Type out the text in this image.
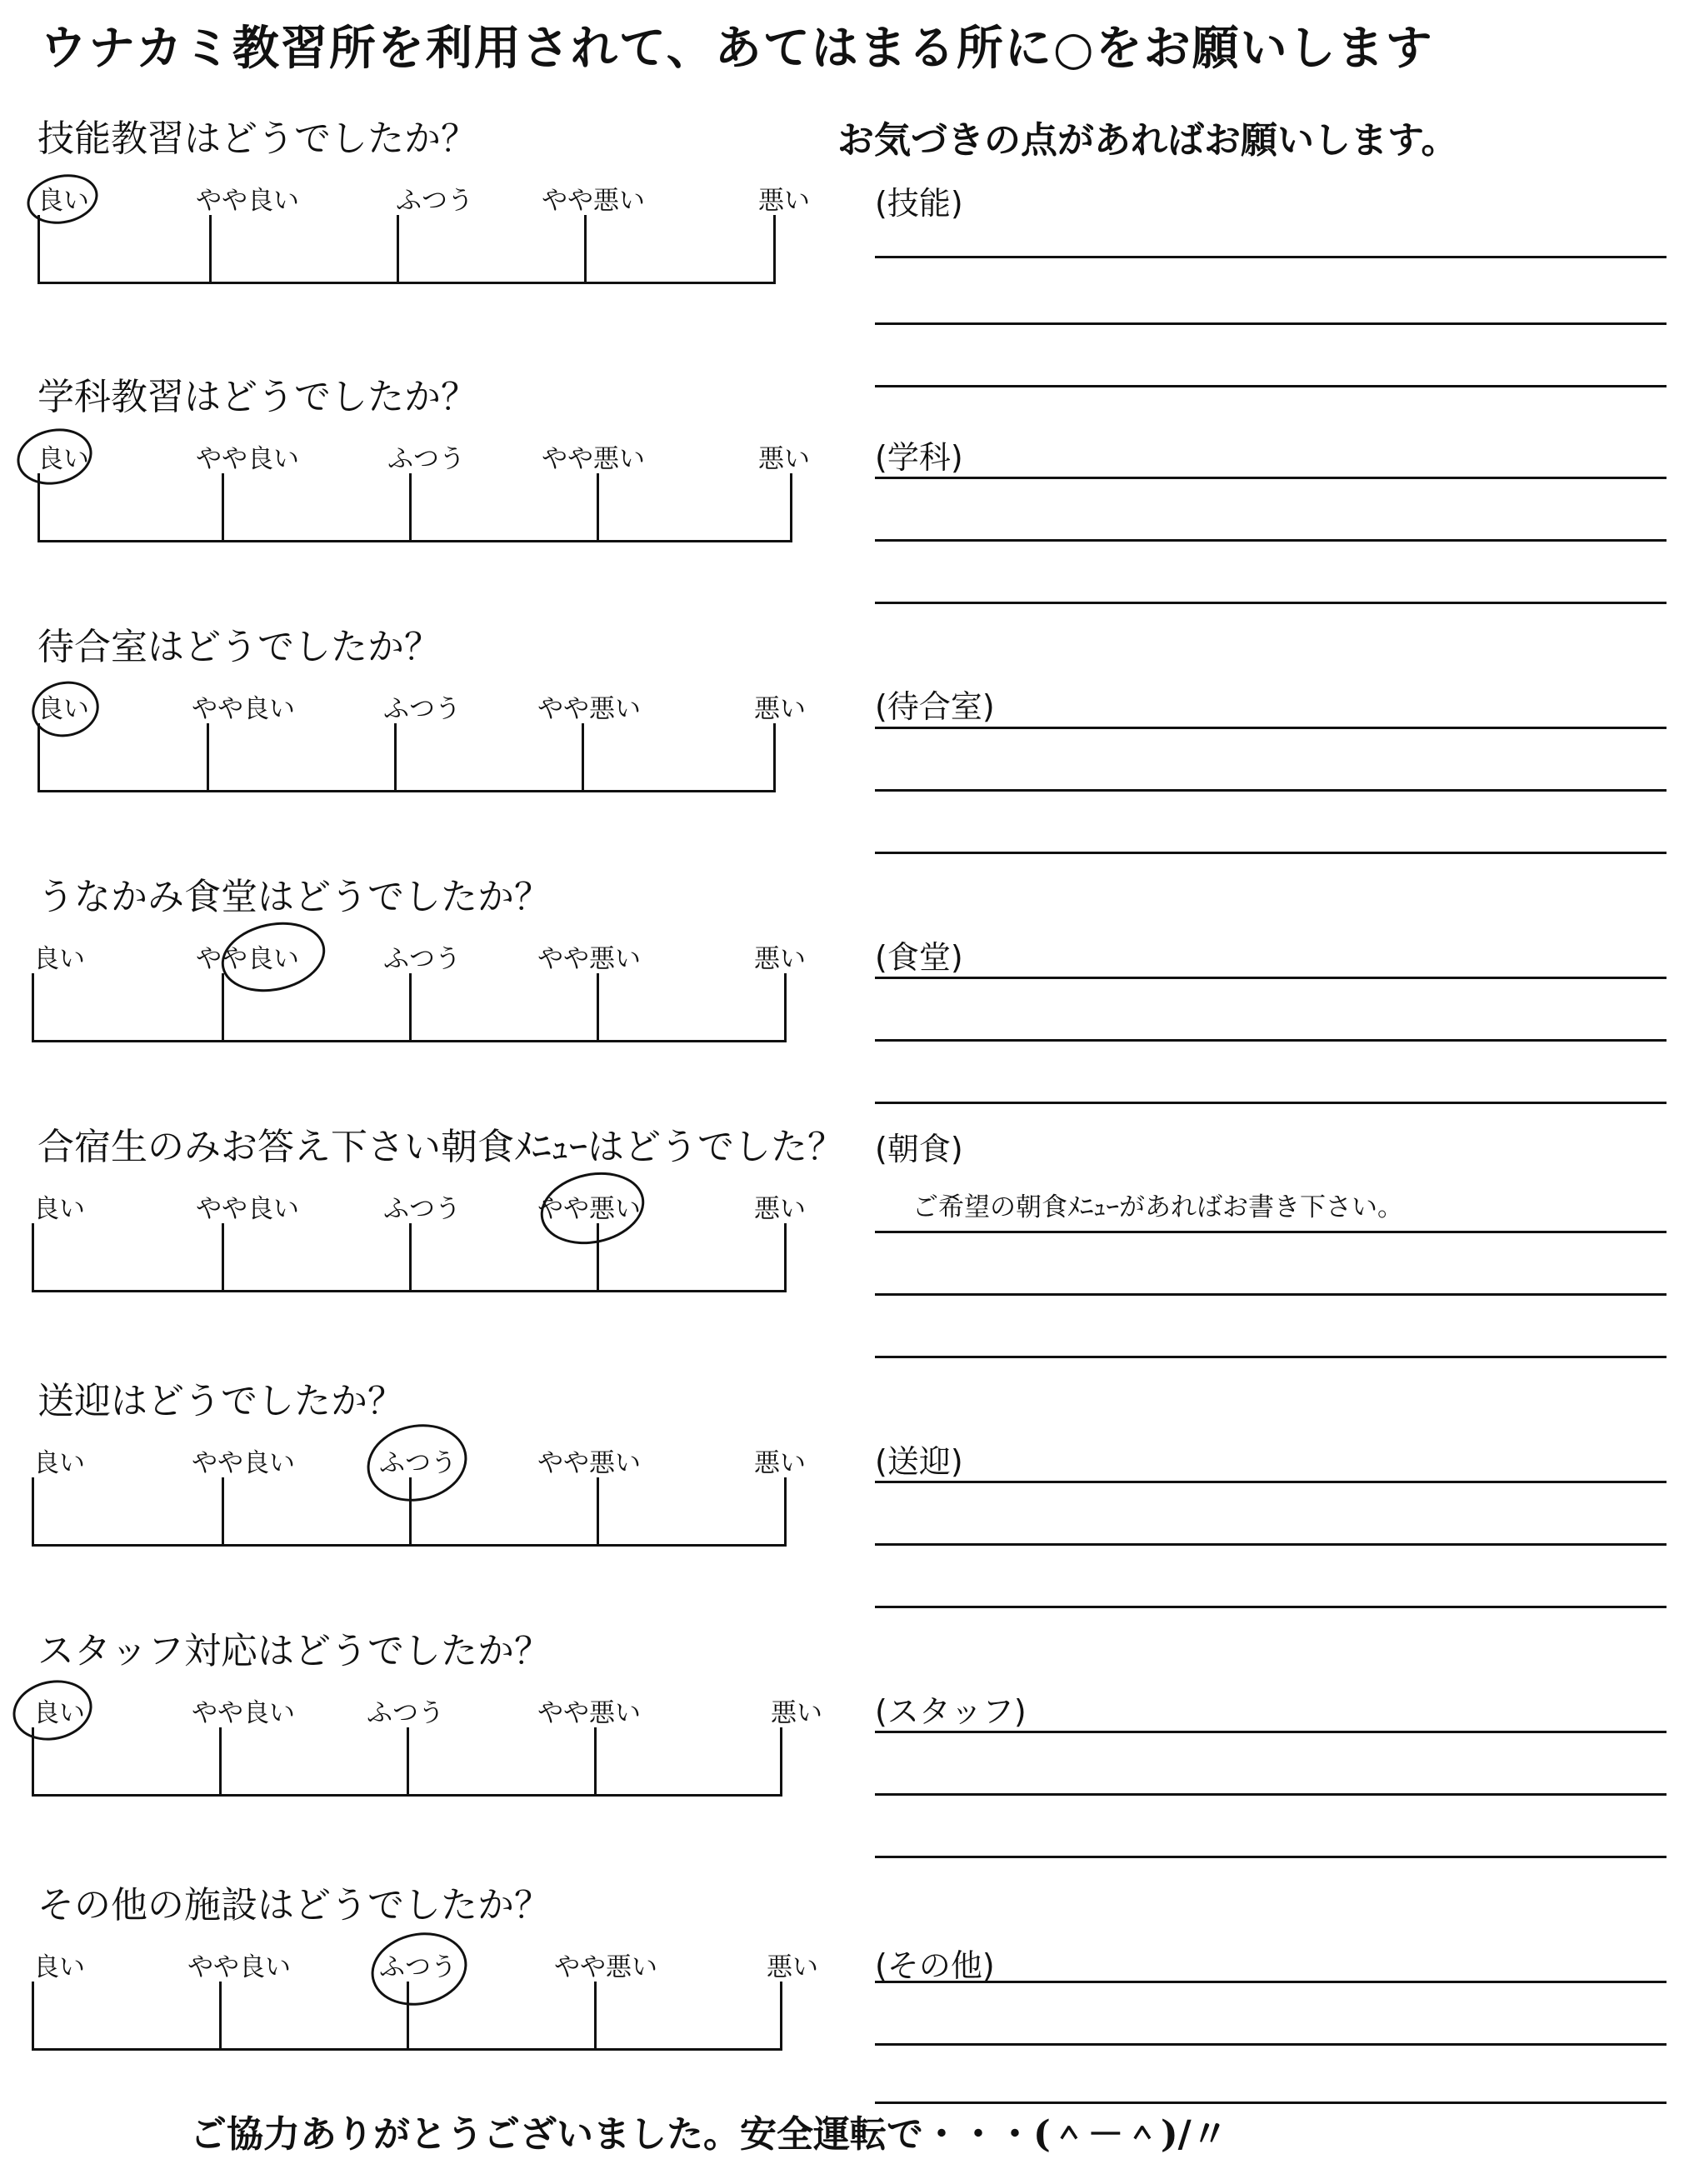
ウナカミ教習所を利用されて、あてはまる所に○をお願いします
技能教習はどうでしたか？
良い	やや良い	ふつう	やや悪い	悪い
学科教習はどうでしたか？
良い	やや良い	ふつう	やや悪い	悪い
待合室はどうでしたか？
良い	やや良い	ふつう	やや悪い	悪い
うなかみ食堂はどうでしたか？
良い	やや良い	ふつう	やや悪い	悪い
合宿生のみお答え下さい朝食ﾒﾆｭｰはどうでした？
良い	やや良い	ふつう	やや悪い	悪い
送迎はどうでしたか？
良い	やや良い	ふつう	やや悪い	悪い
スタッフ対応はどうでしたか？
良い	やや良い	ふつう	やや悪い	悪い
その他の施設はどうでしたか？
良い	やや良い	ふつう	やや悪い	悪い
お気づきの点があればお願いします。
(技能)
(学科)
(待合室)
(食堂)
(朝食)
ご希望の朝食ﾒﾆｭｰがあればお書き下さい。
(送迎)
(スタッフ)
(その他)
ご協力ありがとうございました。安全運転で・・・(＾－＾)/〃
